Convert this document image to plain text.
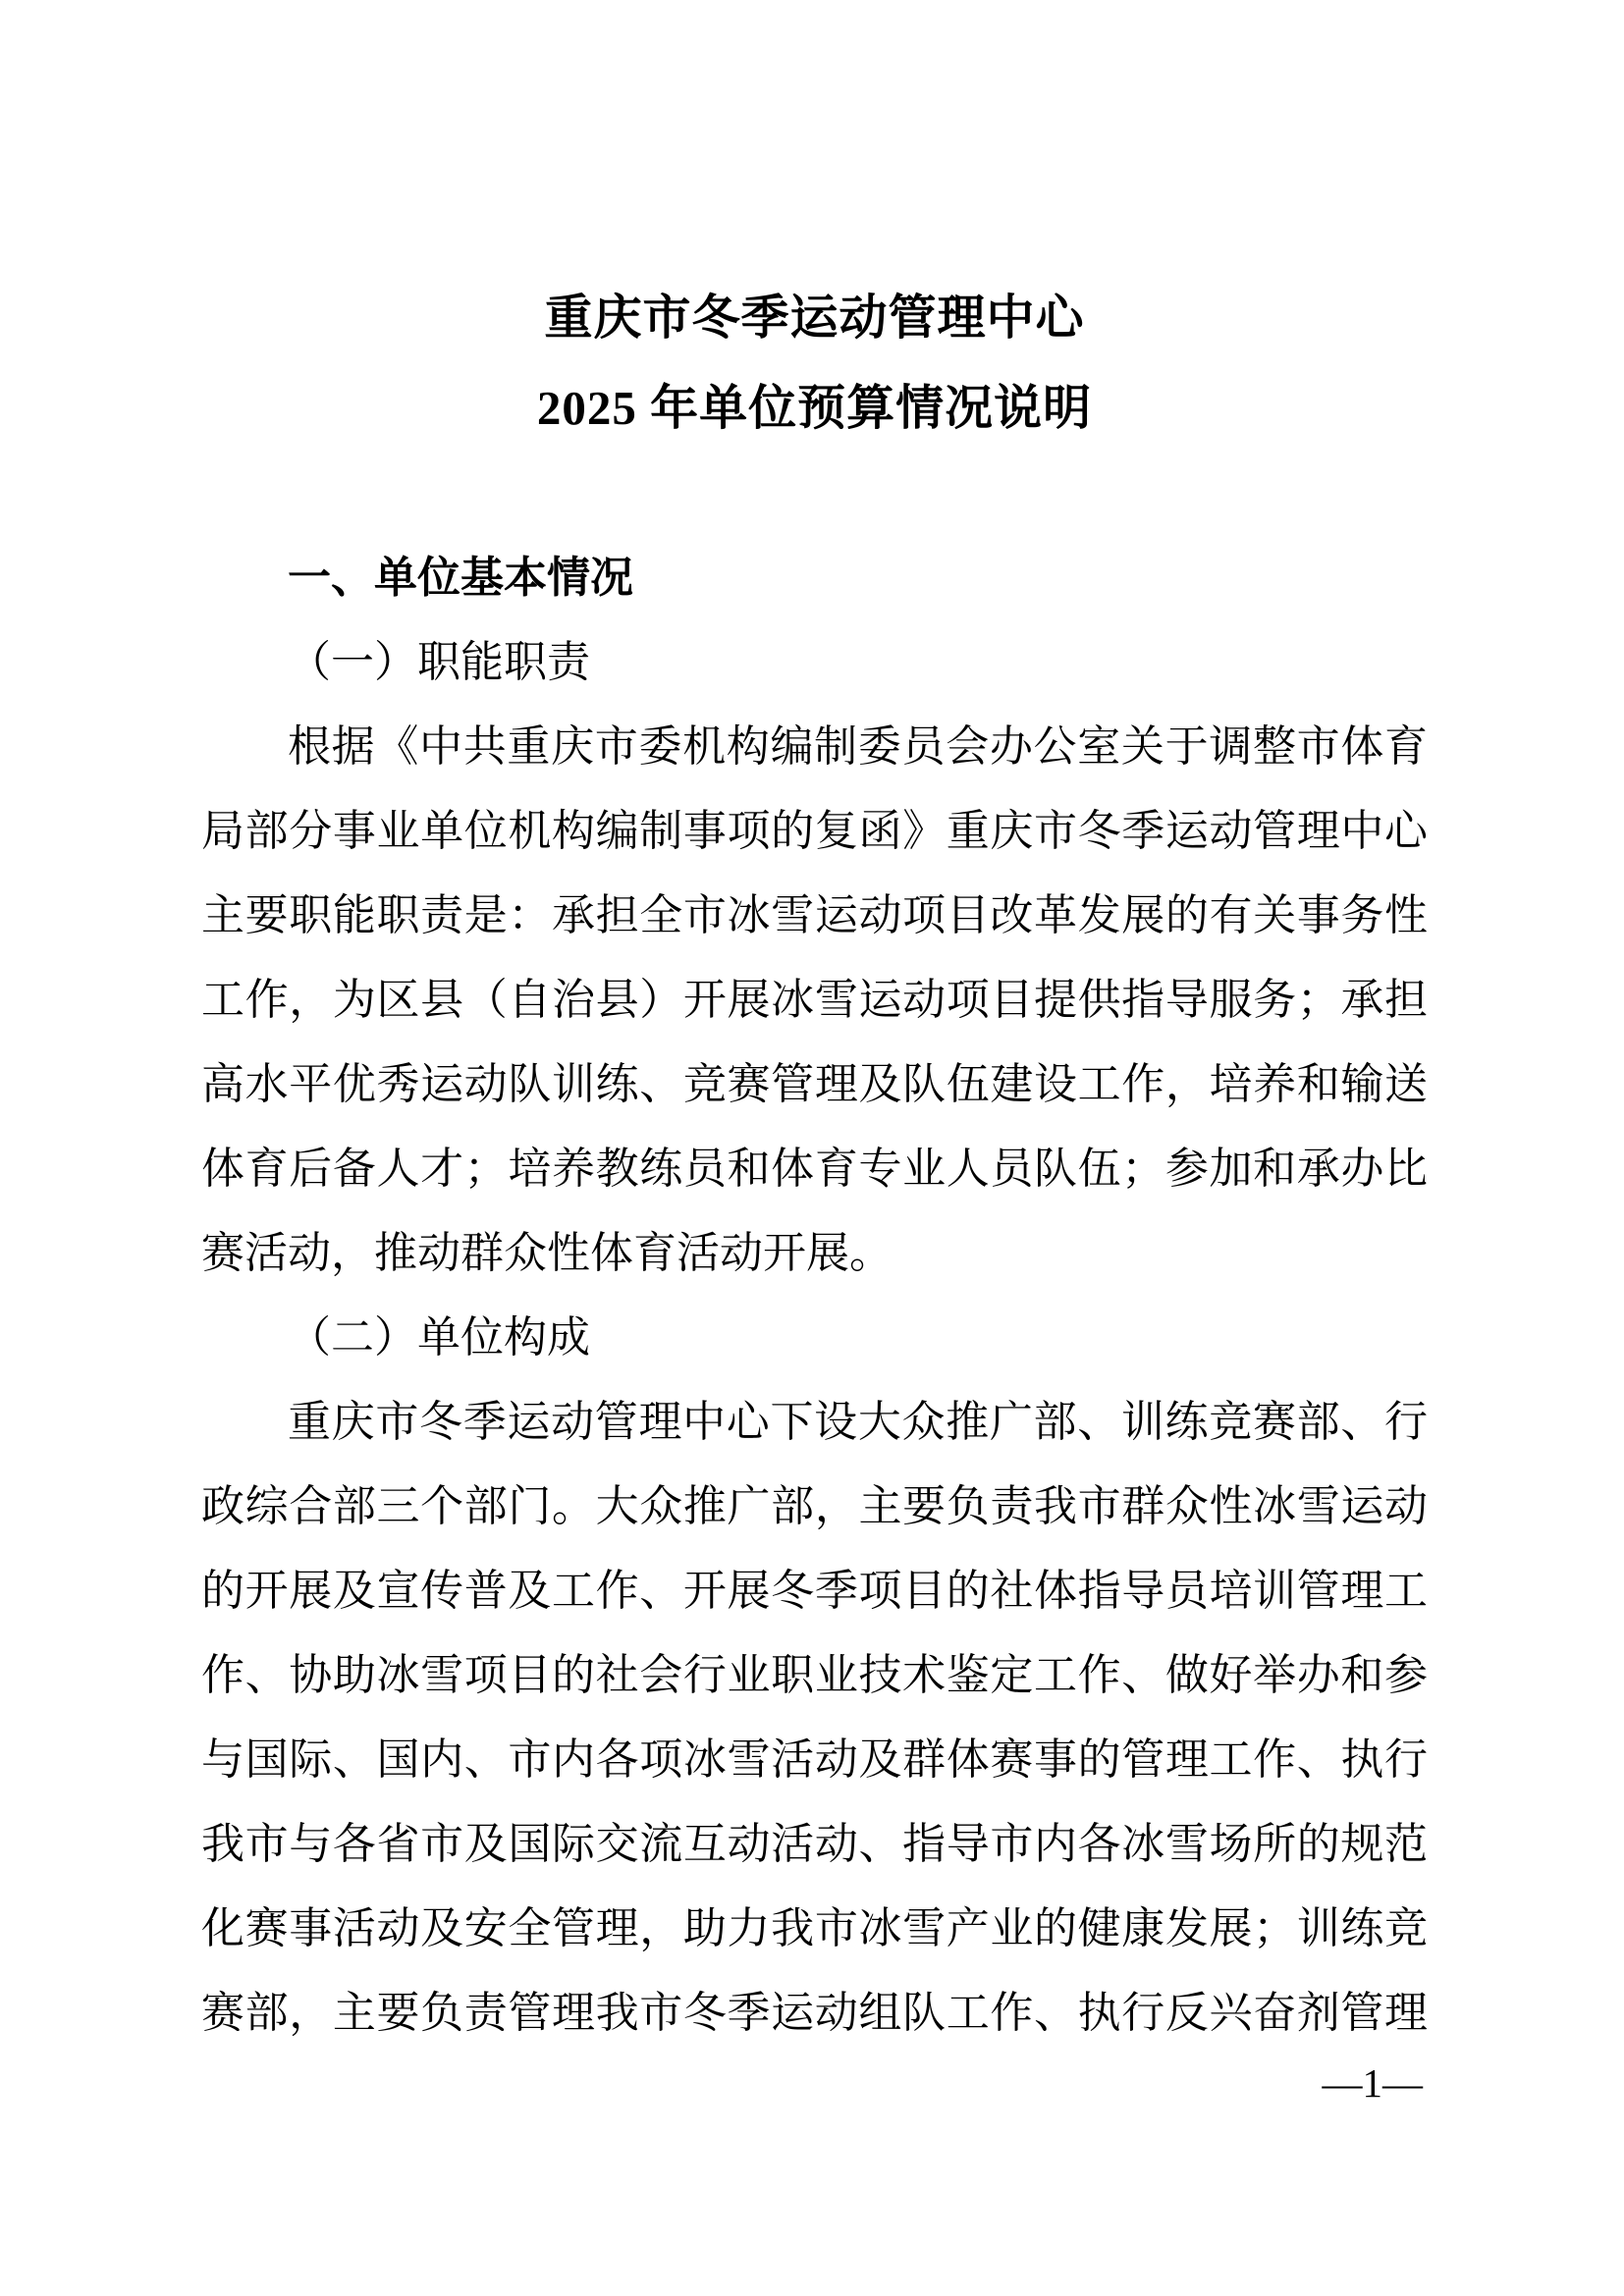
重庆市冬季运动管理中心
2025 年单位预算情况说明
一、单位基本情况
（一）职能职责
根据《中共重庆市委机构编制委员会办公室关于调整市体育
局部分事业单位机构编制事项的复函》重庆市冬季运动管理中心
主要职能职责是：承担全市冰雪运动项目改革发展的有关事务性
工作，为区县（自治县）开展冰雪运动项目提供指导服务；承担
高水平优秀运动队训练、竞赛管理及队伍建设工作，培养和输送
体育后备人才；培养教练员和体育专业人员队伍；参加和承办比
赛活动，推动群众性体育活动开展。
（二）单位构成
重庆市冬季运动管理中心下设大众推广部、训练竞赛部、行
政综合部三个部门。大众推广部，主要负责我市群众性冰雪运动
的开展及宣传普及工作、开展冬季项目的社体指导员培训管理工
作、协助冰雪项目的社会行业职业技术鉴定工作、做好举办和参
与国际、国内、市内各项冰雪活动及群体赛事的管理工作、执行
我市与各省市及国际交流互动活动、指导市内各冰雪场所的规范
化赛事活动及安全管理，助力我市冰雪产业的健康发展；训练竞
赛部，主要负责管理我市冬季运动组队工作、执行反兴奋剂管理
—1—
